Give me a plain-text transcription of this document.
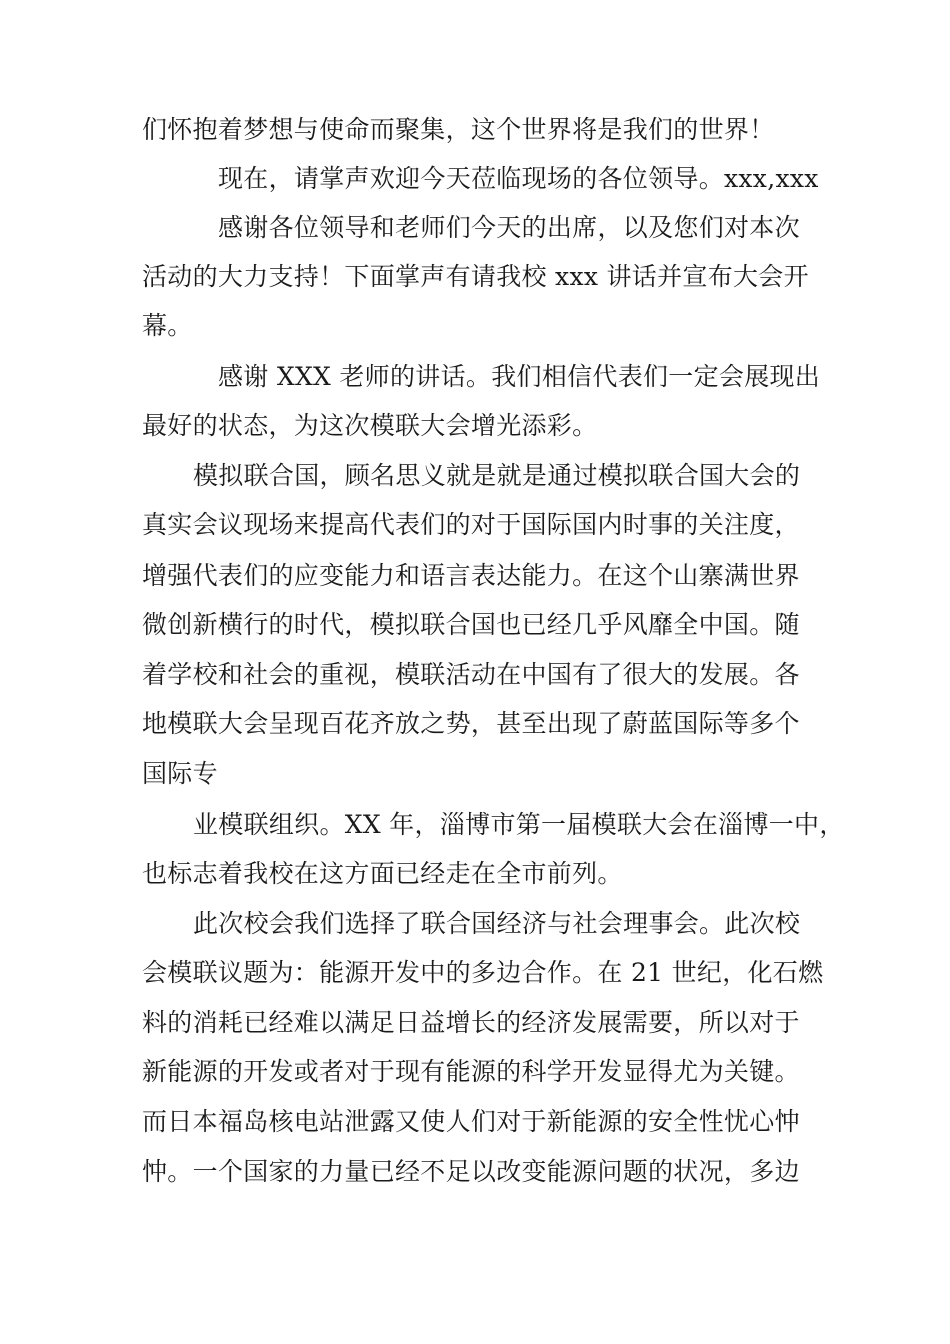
们怀抱着梦想与使命而聚集，这个世界将是我们的世界！

现在，请掌声欢迎今天莅临现场的各位领导。xxx,xxx

感谢各位领导和老师们今天的出席，以及您们对本次

活动的大力支持！下面掌声有请我校 xxx 讲话并宣布大会开

幕。

感谢 XXX 老师的讲话。我们相信代表们一定会展现出

最好的状态，为这次模联大会增光添彩。

模拟联合国，顾名思义就是就是通过模拟联合国大会的

真实会议现场来提高代表们的对于国际国内时事的关注度，

增强代表们的应变能力和语言表达能力。在这个山寨满世界

微创新横行的时代，模拟联合国也已经几乎风靡全中国。随

着学校和社会的重视，模联活动在中国有了很大的发展。各

地模联大会呈现百花齐放之势，甚至出现了蔚蓝国际等多个

国际专

业模联组织。XX 年，淄博市第一届模联大会在淄博一中，

也标志着我校在这方面已经走在全市前列。

此次校会我们选择了联合国经济与社会理事会。此次校

会模联议题为：能源开发中的多边合作。在 21 世纪，化石燃

料的消耗已经难以满足日益增长的经济发展需要，所以对于

新能源的开发或者对于现有能源的科学开发显得尤为关键。

而日本福岛核电站泄露又使人们对于新能源的安全性忧心忡

忡。一个国家的力量已经不足以改变能源问题的状况，多边
